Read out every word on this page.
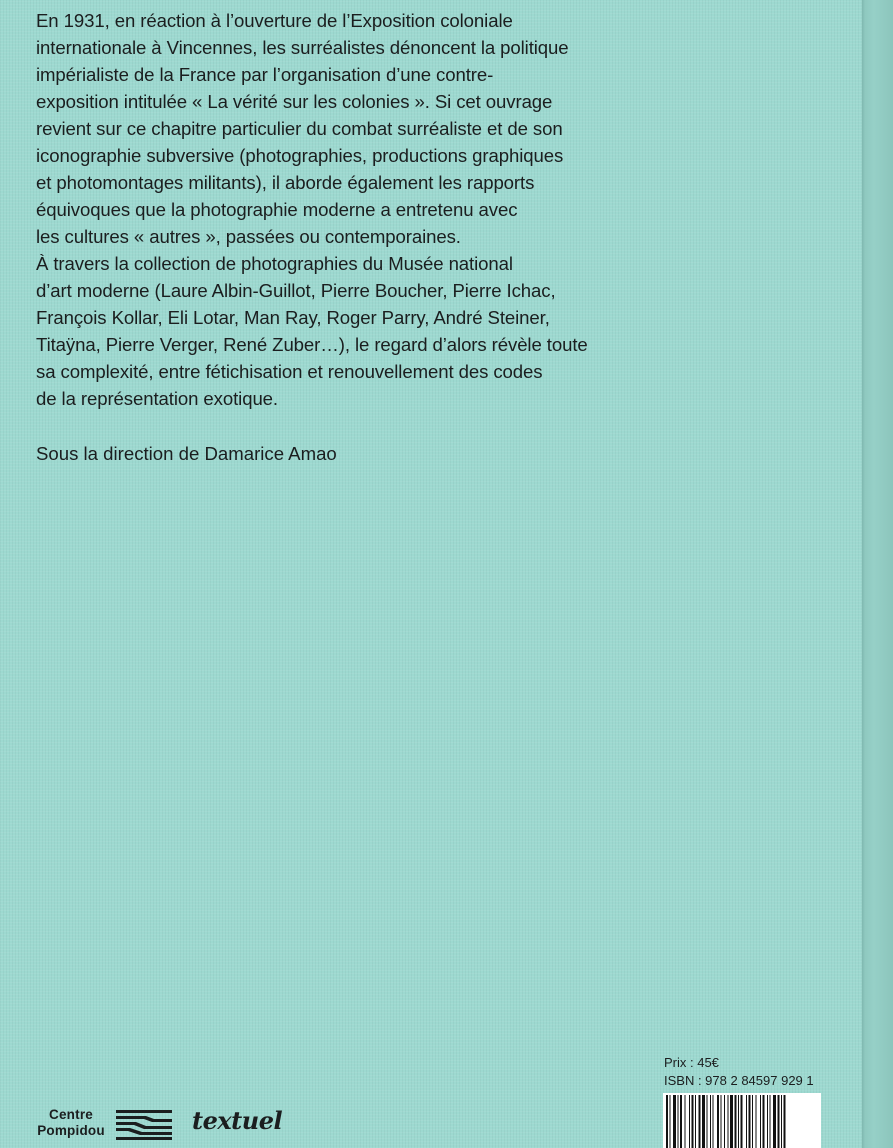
En 1931, en réaction à l’ouverture de l’Exposition coloniale
internationale à Vincennes, les surréalistes dénoncent la politique
impérialiste de la France par l’organisation d’une contre-
exposition intitulée « La vérité sur les colonies ». Si cet ouvrage
revient sur ce chapitre particulier du combat surréaliste et de son
iconographie subversive (photographies, productions graphiques
et photomontages militants), il aborde également les rapports
équivoques que la photographie moderne a entretenu avec
les cultures « autres », passées ou contemporaines.
À travers la collection de photographies du Musée national
d’art moderne (Laure Albin-Guillot, Pierre Boucher, Pierre Ichac,
François Kollar, Eli Lotar, Man Ray, Roger Parry, André Steiner,
Titaÿna, Pierre Verger, René Zuber…), le regard d’alors révèle toute
sa complexité, entre fétichisation et renouvellement des codes
de la représentation exotique.
Sous la direction de Damarice Amao
Prix : 45€
ISBN : 978 2 84597 929 1
Centre
Pompidou	textuel
